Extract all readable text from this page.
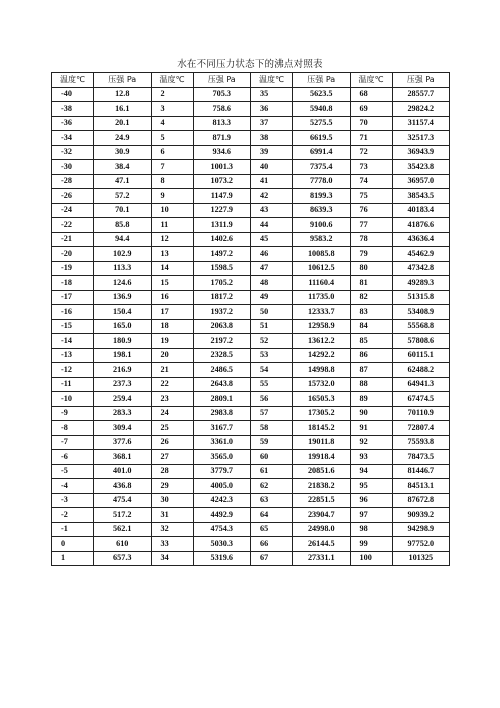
水在不同压力状态下的沸点对照表
温度℃	压强 Pa	温度℃	压强 Pa	温度℃	压强 Pa	温度℃	压强 Pa
-40	12.8	2	705.3	35	5623.5	68	28557.7
-38	16.1	3	758.6	36	5940.8	69	29824.2
-36	20.1	4	813.3	37	5275.5	70	31157.4
-34	24.9	5	871.9	38	6619.5	71	32517.3
-32	30.9	6	934.6	39	6991.4	72	36943.9
-30	38.4	7	1001.3	40	7375.4	73	35423.8
-28	47.1	8	1073.2	41	7778.0	74	36957.0
-26	57.2	9	1147.9	42	8199.3	75	38543.5
-24	70.1	10	1227.9	43	8639.3	76	40183.4
-22	85.8	11	1311.9	44	9100.6	77	41876.6
-21	94.4	12	1402.6	45	9583.2	78	43636.4
-20	102.9	13	1497.2	46	10085.8	79	45462.9
-19	113.3	14	1598.5	47	10612.5	80	47342.8
-18	124.6	15	1705.2	48	11160.4	81	49289.3
-17	136.9	16	1817.2	49	11735.0	82	51315.8
-16	150.4	17	1937.2	50	12333.7	83	53408.9
-15	165.0	18	2063.8	51	12958.9	84	55568.8
-14	180.9	19	2197.2	52	13612.2	85	57808.6
-13	198.1	20	2328.5	53	14292.2	86	60115.1
-12	216.9	21	2486.5	54	14998.8	87	62488.2
-11	237.3	22	2643.8	55	15732.0	88	64941.3
-10	259.4	23	2809.1	56	16505.3	89	67474.5
-9	283.3	24	2983.8	57	17305.2	90	70110.9
-8	309.4	25	3167.7	58	18145.2	91	72807.4
-7	377.6	26	3361.0	59	19011.8	92	75593.8
-6	368.1	27	3565.0	60	19918.4	93	78473.5
-5	401.0	28	3779.7	61	20851.6	94	81446.7
-4	436.8	29	4005.0	62	21838.2	95	84513.1
-3	475.4	30	4242.3	63	22851.5	96	87672.8
-2	517.2	31	4492.9	64	23904.7	97	90939.2
-1	562.1	32	4754.3	65	24998.0	98	94298.9
0	610	33	5030.3	66	26144.5	99	97752.0
1	657.3	34	5319.6	67	27331.1	100	101325
